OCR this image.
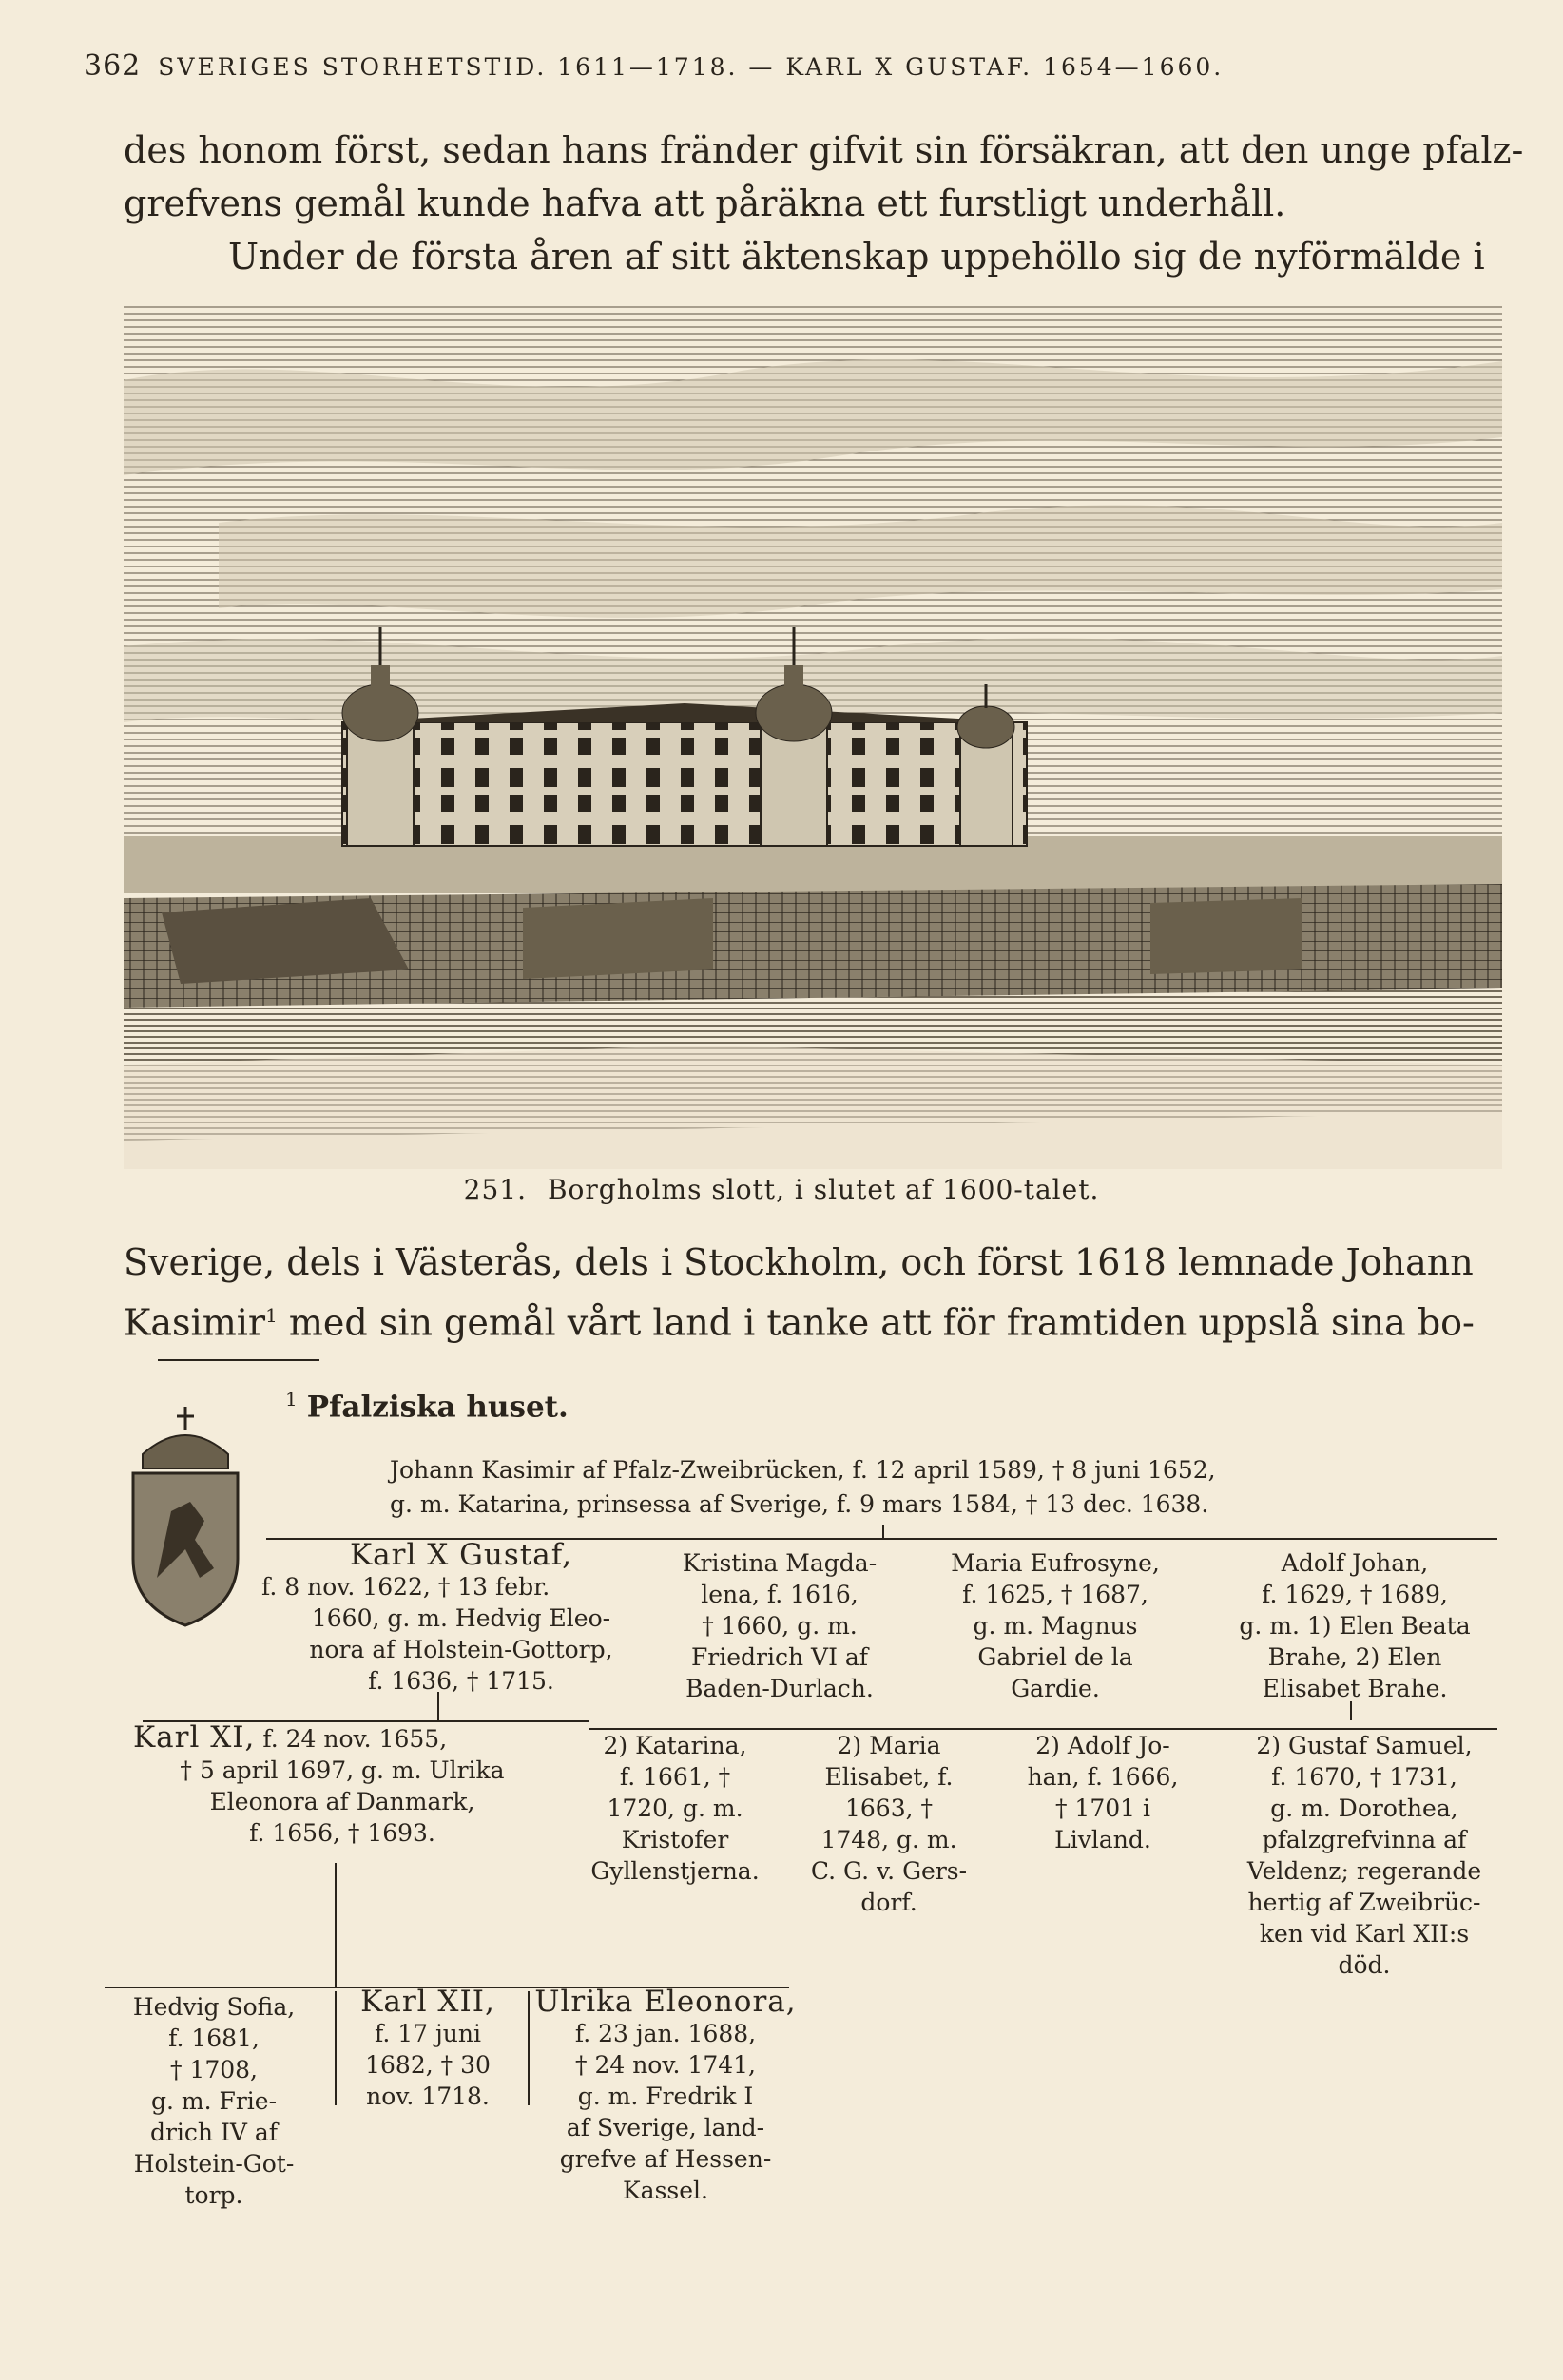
362 SVERIGES STORHETSTID. 1611—1718. — KARL X GUSTAF. 1654—1660.
des honom först, sedan hans fränder gifvit sin försäkran, att den unge pfalz-
grefvens gemål kunde hafva att påräkna ett furstligt underhåll.
Under de första åren af sitt äktenskap uppehöllo sig de nyförmälde i
251. Borgholms slott, i slutet af 1600-talet.
Sverige, dels i Västerås, dels i Stockholm, och först 1618 lemnade Johann
Kasimir$^1$ med sin gemål vårt land i tanke att för framtiden uppslå sina bo-
$^1$ Pfalziska huset.
Johann Kasimir af Pfalz-Zweibrücken, f. 12 april 1589, † 8 juni 1652,
g. m. Katarina, prinsessa af Sverige, f. 9 mars 1584, † 13 dec. 1638.
Karl X Gustaf,
f. 8 nov. 1622, † 13 febr.
1660, g. m. Hedvig Eleo-
nora af Holstein-Gottorp,
f. 1636, † 1715.
Kristina Magda-
lena, f. 1616,
† 1660, g. m.
Friedrich VI af
Baden-Durlach.
Maria Eufrosyne,
f. 1625, † 1687,
g. m. Magnus
Gabriel de la
Gardie.
Adolf Johan,
f. 1629, † 1689,
g. m. 1) Elen Beata
Brahe, 2) Elen
Elisabet Brahe.
Karl XI, f. 24 nov. 1655,
† 5 april 1697, g. m. Ulrika
Eleonora af Danmark,
f. 1656, † 1693.
2) Katarina,
f. 1661, †
1720, g. m.
Kristofer
Gyllenstjerna.
2) Maria
Elisabet, f.
1663, †
1748, g. m.
C. G. v. Gers-
dorf.
2) Adolf Jo-
han, f. 1666,
† 1701 i
Livland.
2) Gustaf Samuel,
f. 1670, † 1731,
g. m. Dorothea,
pfalzgrefvinna af
Veldenz; regerande
hertig af Zweibrüc-
ken vid Karl XII:s
död.
Hedvig Sofia,
f. 1681,
† 1708,
g. m. Frie-
drich IV af
Holstein-Got-
torp.
Karl XII,
f. 17 juni
1682, † 30
nov. 1718.
Ulrika Eleonora,
f. 23 jan. 1688,
† 24 nov. 1741,
g. m. Fredrik I
af Sverige, land-
grefve af Hessen-
Kassel.
